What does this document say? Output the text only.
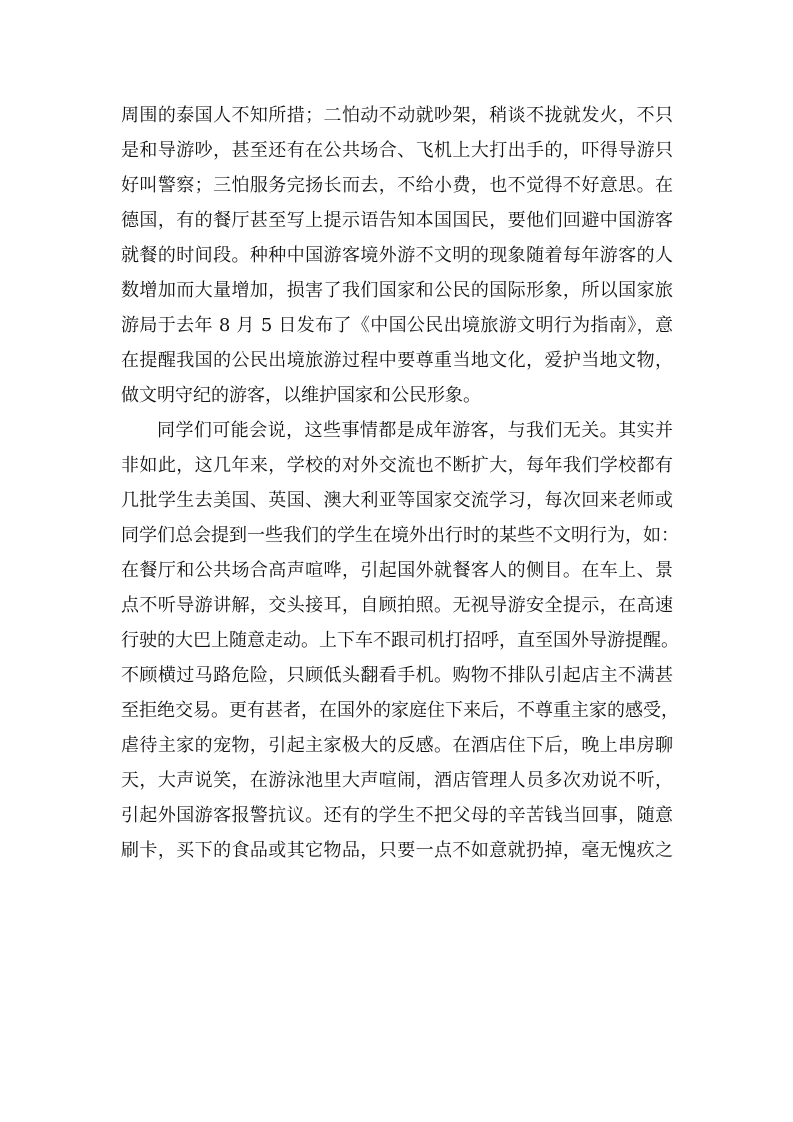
周围的泰国人不知所措；二怕动不动就吵架，稍谈不拢就发火，不只
是和导游吵，甚至还有在公共场合、飞机上大打出手的，吓得导游只
好叫警察；三怕服务完扬长而去，不给小费，也不觉得不好意思。在
德国，有的餐厅甚至写上提示语告知本国国民，要他们回避中国游客
就餐的时间段。种种中国游客境外游不文明的现象随着每年游客的人
数增加而大量增加，损害了我们国家和公民的国际形象，所以国家旅
游局于去年 8 月 5 日发布了《中国公民出境旅游文明行为指南》，意
在提醒我国的公民出境旅游过程中要尊重当地文化，爱护当地文物，
做文明守纪的游客，以维护国家和公民形象。
同学们可能会说，这些事情都是成年游客，与我们无关。其实并
非如此，这几年来，学校的对外交流也不断扩大，每年我们学校都有
几批学生去美国、英国、澳大利亚等国家交流学习，每次回来老师或
同学们总会提到一些我们的学生在境外出行时的某些不文明行为，如：
在餐厅和公共场合高声喧哗，引起国外就餐客人的侧目。在车上、景
点不听导游讲解，交头接耳，自顾拍照。无视导游安全提示，在高速
行驶的大巴上随意走动。上下车不跟司机打招呼，直至国外导游提醒。
不顾横过马路危险，只顾低头翻看手机。购物不排队引起店主不满甚
至拒绝交易。更有甚者，在国外的家庭住下来后，不尊重主家的感受，
虐待主家的宠物，引起主家极大的反感。在酒店住下后，晚上串房聊
天，大声说笑，在游泳池里大声喧闹，酒店管理人员多次劝说不听，
引起外国游客报警抗议。还有的学生不把父母的辛苦钱当回事，随意
刷卡，买下的食品或其它物品，只要一点不如意就扔掉，毫无愧疚之
